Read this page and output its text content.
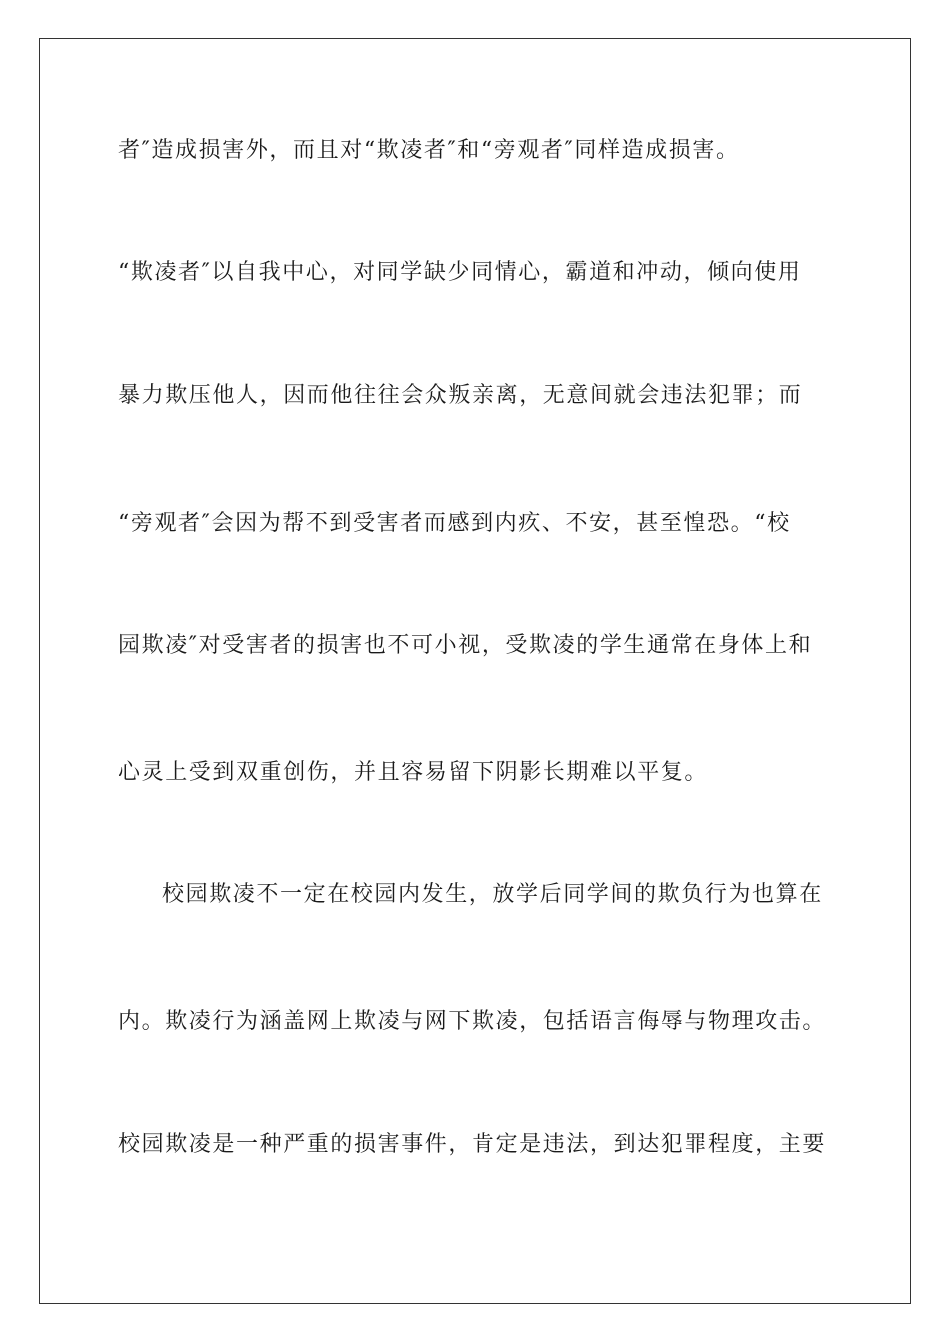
者″造成损害外，而且对“欺凌者″和“旁观者″同样造成损害。
“欺凌者″以自我中心，对同学缺少同情心，霸道和冲动，倾向使用
暴力欺压他人，因而他往往会众叛亲离，无意间就会违法犯罪；而
“旁观者″会因为帮不到受害者而感到内疚、不安，甚至惶恐。“校
园欺凌″对受害者的损害也不可小视，受欺凌的学生通常在身体上和
心灵上受到双重创伤，并且容易留下阴影长期难以平复。
校园欺凌不一定在校园内发生，放学后同学间的欺负行为也算在
内。欺凌行为涵盖网上欺凌与网下欺凌，包括语言侮辱与物理攻击。
校园欺凌是一种严重的损害事件，肯定是违法，到达犯罪程度，主要
